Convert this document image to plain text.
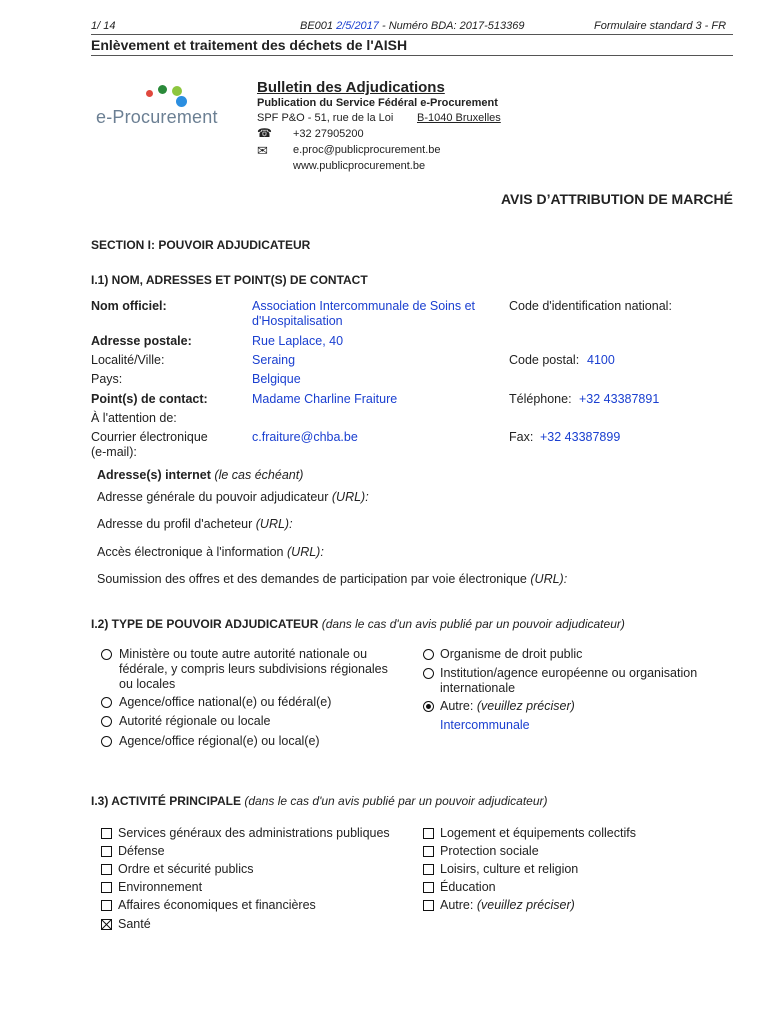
1/ 14	BE001 2/5/2017 - Numéro BDA: 2017-513369	Formulaire standard 3 - FR
Enlèvement et traitement des déchets de l'AISH
e-Procurement
Bulletin des Adjudications
Publication du Service Fédéral e-Procurement
SPF P&O - 51, rue de la Loi B-1040 Bruxelles
☎ +32 27905200
✉ e.proc@publicprocurement.be
www.publicprocurement.be
AVIS D’ATTRIBUTION DE MARCHÉ
SECTION I: POUVOIR ADJUDICATEUR
I.1) NOM, ADRESSES ET POINT(S) DE CONTACT
Nom officiel:	Association Intercommunale de Soins et
d'Hospitalisation
Code d'identification national:
Adresse postale:	Rue Laplace, 40
Localité/Ville:	Seraing	Code postal: 4100
Pays:	Belgique
Point(s) de contact:	Madame Charline Fraiture	Téléphone: +32 43387891
À l'attention de:
Courrier électronique
(e-mail):
c.fraiture@chba.be	Fax: +32 43387899
Adresse(s) internet (le cas échéant)
Adresse générale du pouvoir adjudicateur (URL):
Adresse du profil d'acheteur (URL):
Accès électronique à l'information (URL):
Soumission des offres et des demandes de participation par voie électronique (URL):
I.2) TYPE DE POUVOIR ADJUDICATEUR (dans le cas d'un avis publié par un pouvoir adjudicateur)
Ministère ou toute autre autorité nationale ou
fédérale, y compris leurs subdivisions régionales
ou locales
Agence/office national(e) ou fédéral(e)
Autorité régionale ou locale
Agence/office régional(e) ou local(e)
Organisme de droit public
Institution/agence européenne ou organisation
internationale
Autre: (veuillez préciser)
Intercommunale
I.3) ACTIVITÉ PRINCIPALE (dans le cas d'un avis publié par un pouvoir adjudicateur)
Services généraux des administrations publiques
Défense
Ordre et sécurité publics
Environnement
Affaires économiques et financières
Santé
Logement et équipements collectifs
Protection sociale
Loisirs, culture et religion
Éducation
Autre: (veuillez préciser)
